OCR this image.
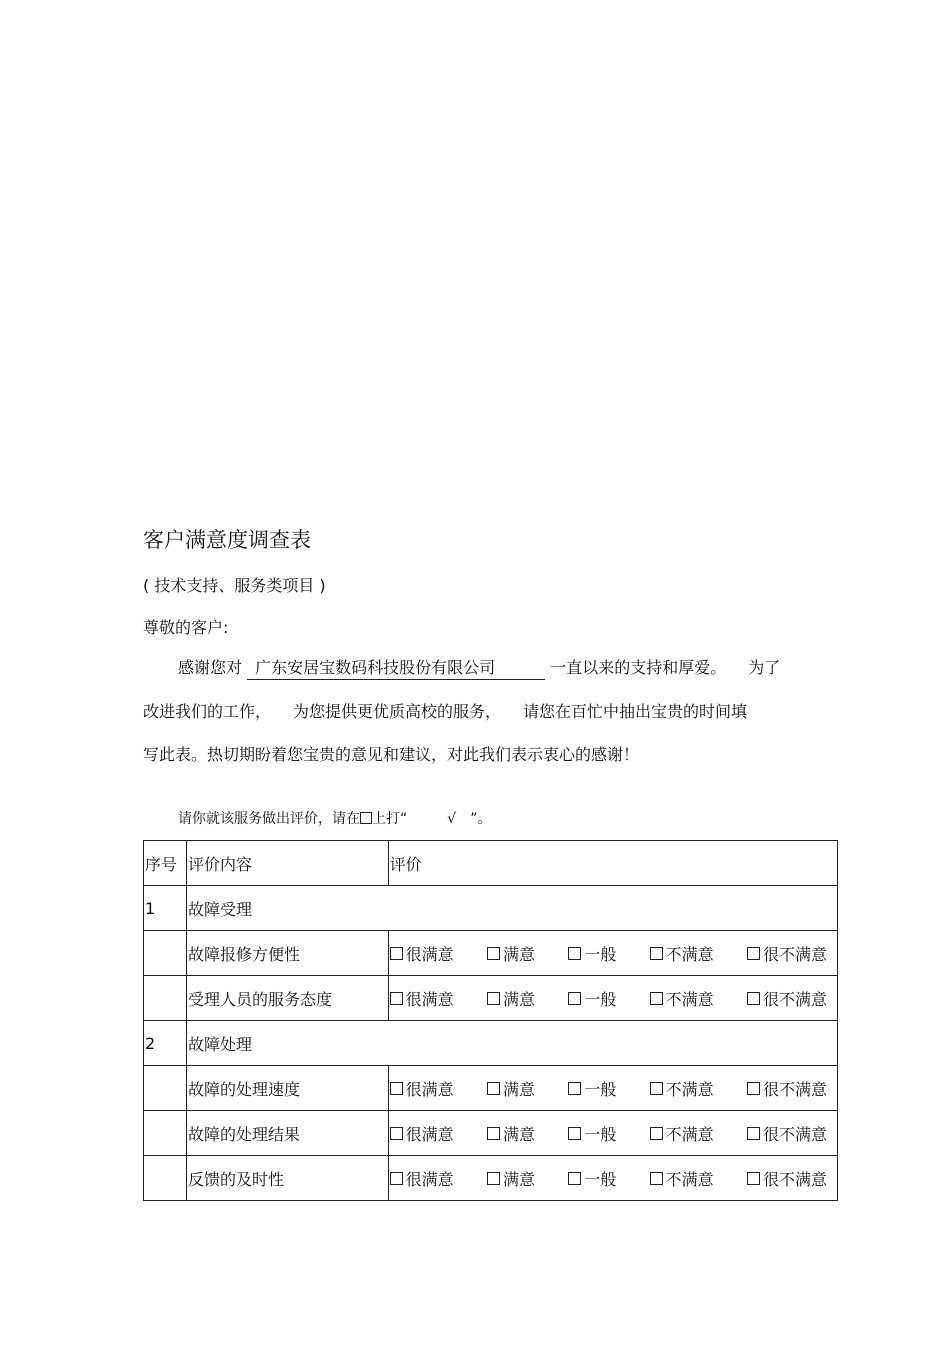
客户满意度调查表
( 技术支持、服务类项目 )
尊敬的客户:
感谢您对 广东安居宝数码科技股份有限公司	一直以来的支持和厚爱。 为了
改进我们的工作， 为您提供更优质高校的服务， 请您在百忙中抽出宝贵的时间填
写此表。热切期盼着您宝贵的意见和建议，对此我们表示衷心的感谢！
请你就该服务做出评价，请在 上打“	√ ”。
序号	评价内容	评价
1	故障受理	
	故障报修方便性	很满意 满意 一般 不满意 很不满意

	受理人员的服务态度	很满意 满意 一般 不满意 很不满意

2	故障处理	
	故障的处理速度	很满意 满意 一般 不满意 很不满意

	故障的处理结果	很满意 满意 一般 不满意 很不满意

	反馈的及时性	很满意 满意 一般 不满意 很不满意
